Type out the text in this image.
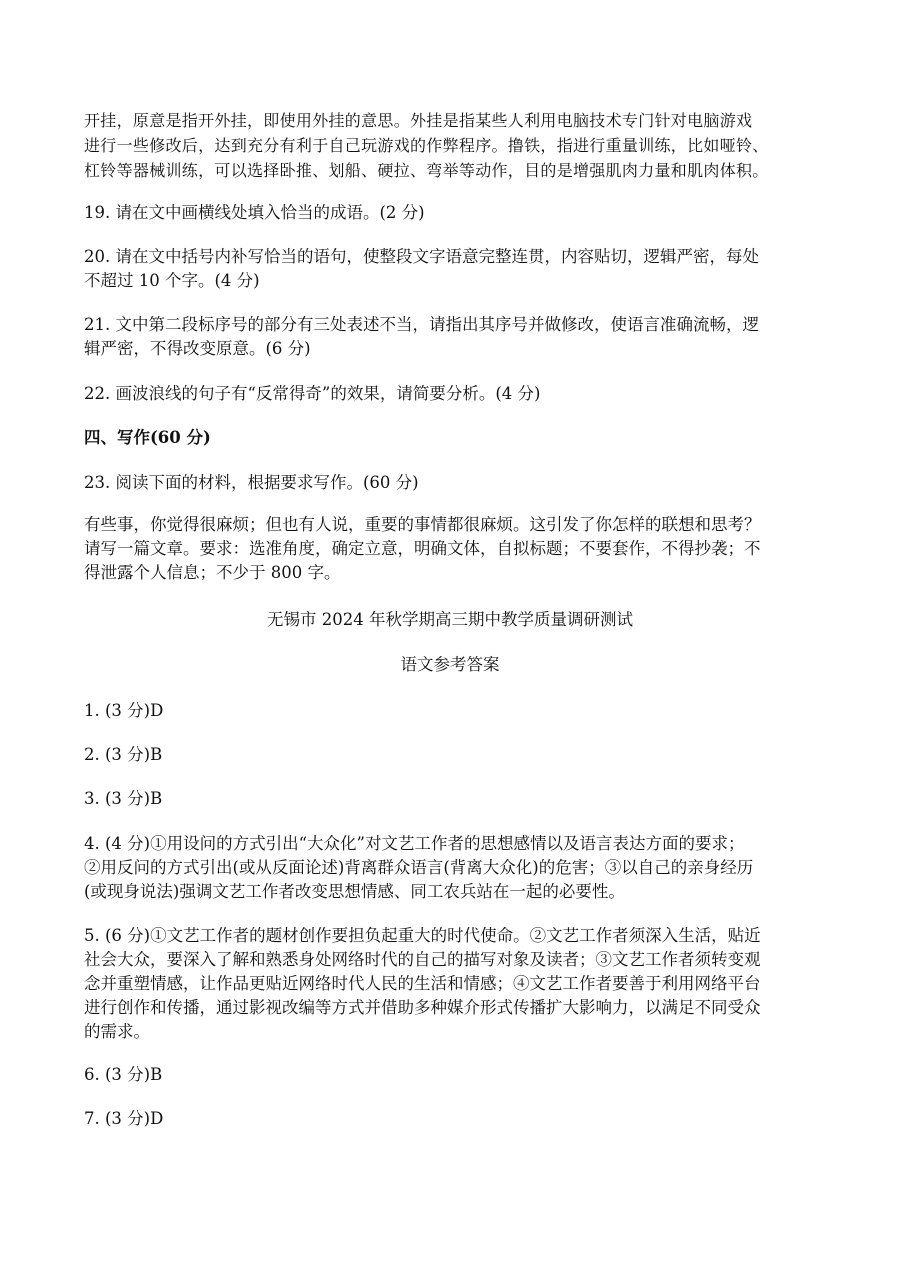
开挂，原意是指开外挂，即使用外挂的意思。外挂是指某些人利用电脑技术专门针对电脑游戏
进行一些修改后，达到充分有利于自己玩游戏的作弊程序。撸铁，指进行重量训练，比如哑铃、
杠铃等器械训练，可以选择卧推、划船、硬拉、弯举等动作，目的是增强肌肉力量和肌肉体积。

19. 请在文中画横线处填入恰当的成语。(2 分)

20. 请在文中括号内补写恰当的语句，使整段文字语意完整连贯，内容贴切，逻辑严密，每处
不超过 10 个字。(4 分)
21. 文中第二段标序号的部分有三处表述不当，请指出其序号并做修改，使语言准确流畅，逻
辑严密，不得改变原意。(6 分)

22. 画波浪线的句子有“反常得奇”的效果，请简要分析。(4 分)

四、写作(60 分)

23. 阅读下面的材料，根据要求写作。(60 分)

有些事，你觉得很麻烦；但也有人说，重要的事情都很麻烦。这引发了你怎样的联想和思考？
请写一篇文章。要求：选准角度，确定立意，明确文体，自拟标题；不要套作，不得抄袭；不
得泄露个人信息；不少于 800 字。

无锡市 2024 年秋学期高三期中教学质量调研测试

语文参考答案

1. (3 分)D

2. (3 分)B

3. (3 分)B

4. (4 分)①用设问的方式引出“大众化”对文艺工作者的思想感情以及语言表达方面的要求；
②用反问的方式引出(或从反面论述)背离群众语言(背离大众化)的危害；③以自己的亲身经历
(或现身说法)强调文艺工作者改变思想情感、同工农兵站在一起的必要性。
5. (6 分)①文艺工作者的题材创作要担负起重大的时代使命。②文艺工作者须深入生活，贴近
社会大众，要深入了解和熟悉身处网络时代的自己的描写对象及读者；③文艺工作者须转变观
念并重塑情感，让作品更贴近网络时代人民的生活和情感；④文艺工作者要善于利用网络平台
进行创作和传播，通过影视改编等方式并借助多种媒介形式传播扩大影响力，以满足不同受众
的需求。

6. (3 分)B

7. (3 分)D
